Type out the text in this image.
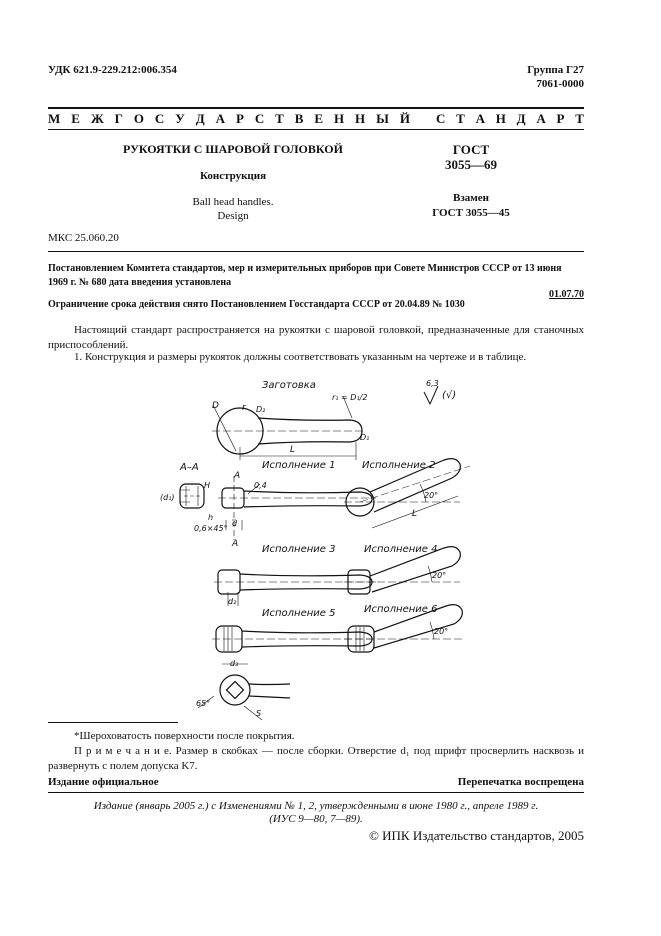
УДК 621.9-229.212:006.354	Группа Г27
7061-0000
М Е Ж Г О С У Д А Р С Т В Е Н Н Ы Й С Т А Н Д А Р Т
РУКОЯТКИ С ШАРОВОЙ ГОЛОВКОЙ
Конструкция
Ball head handles.
Design
МКС 25.060.20
ГОСТ
3055—69
Взамен
ГОСТ 3055—45
Постановлением Комитета стандартов, мер и измерительных приборов при Совете Министров СССР от 13 июня
1969 г. № 680 дата введения установлена
01.07.70
Ограничение срока действия снято Постановлением Госстандарта СССР от 20.04.89 № 1030
Настоящий стандарт распространяется на рукоятки с шаровой головкой, предназначенные для станочных приспособлений.
1. Конструкция и размеры рукояток должны соответствовать указанным на чертеже и в таблице.
Заготовка	6,3
(√)
r₁ = D₁/2
D	r D₂
D₁
L
А–А	Исполнение 1	Исполнение 2
A
(d₁)
H
h
0,6×45°
0,4
d
A
20°
L
Исполнение 3	Исполнение 4
d₂
20°
Исполнение 5	Исполнение 6
20°
d₃
65°
S
*Шероховатость поверхности после покрытия.
П р и м е ч а н и е. Размер в скобках — после сборки. Отверстие d₁ под шрифт просверлить насквозь и развернуть с полем допуска K7.
Издание официальное	Перепечатка воспрещена
Издание (январь 2005 г.) с Изменениями № 1, 2, утвержденными в июне 1980 г., апреле 1989 г.
(ИУС 9—80, 7—89).
© ИПК Издательство стандартов, 2005
